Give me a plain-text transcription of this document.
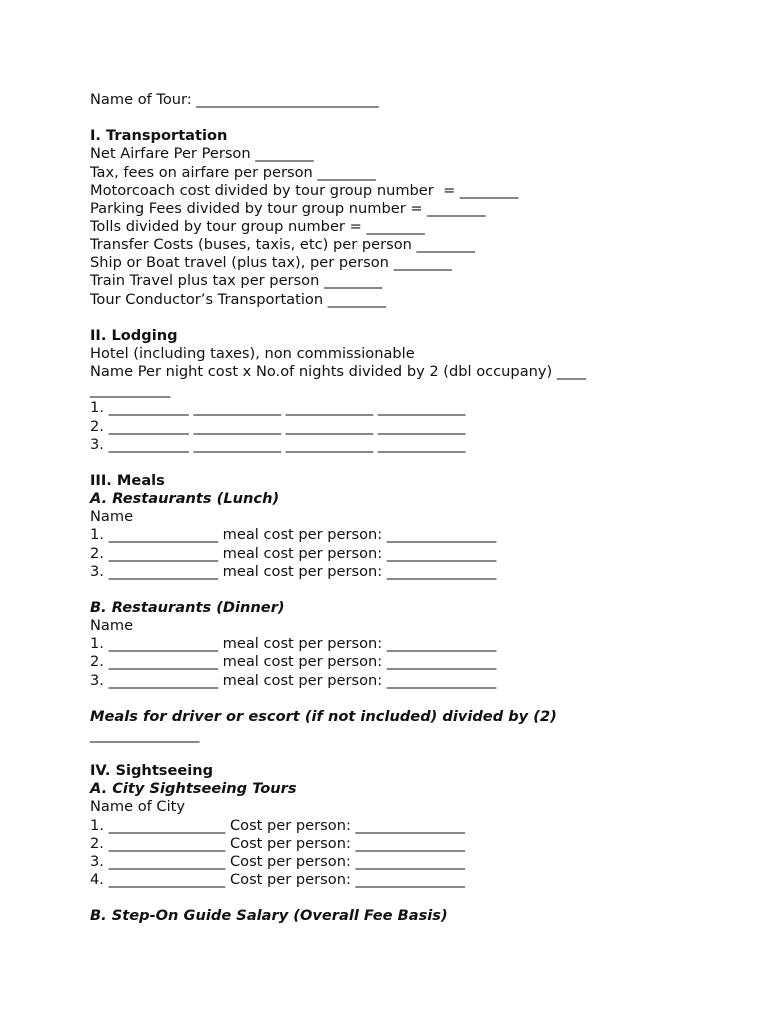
Name of Tour: _________________________
I. Transportation
Net Airfare Per Person ________
Tax, fees on airfare per person ________
Motorcoach cost divided by tour group number  = ________
Parking Fees divided by tour group number = ________
Tolls divided by tour group number = ________
Transfer Costs (buses, taxis, etc) per person ________
Ship or Boat travel (plus tax), per person ________
Train Travel plus tax per person ________
Tour Conductor’s Transportation ________
II. Lodging
Hotel (including taxes), non commissionable
Name Per night cost x No.of nights divided by 2 (dbl occupany) ____
___________
1. ___________ ____________ ____________ ____________
2. ___________ ____________ ____________ ____________
3. ___________ ____________ ____________ ____________
III. Meals
A. Restaurants (Lunch)
Name
1. _______________ meal cost per person: _______________
2. _______________ meal cost per person: _______________
3. _______________ meal cost per person: _______________
B. Restaurants (Dinner)
Name
1. _______________ meal cost per person: _______________
2. _______________ meal cost per person: _______________
3. _______________ meal cost per person: _______________
Meals for driver or escort (if not included) divided by (2)
_______________
IV. Sightseeing
A. City Sightseeing Tours
Name of City
1. ________________ Cost per person: _______________
2. ________________ Cost per person: _______________
3. ________________ Cost per person: _______________
4. ________________ Cost per person: _______________
B. Step-On Guide Salary (Overall Fee Basis)
